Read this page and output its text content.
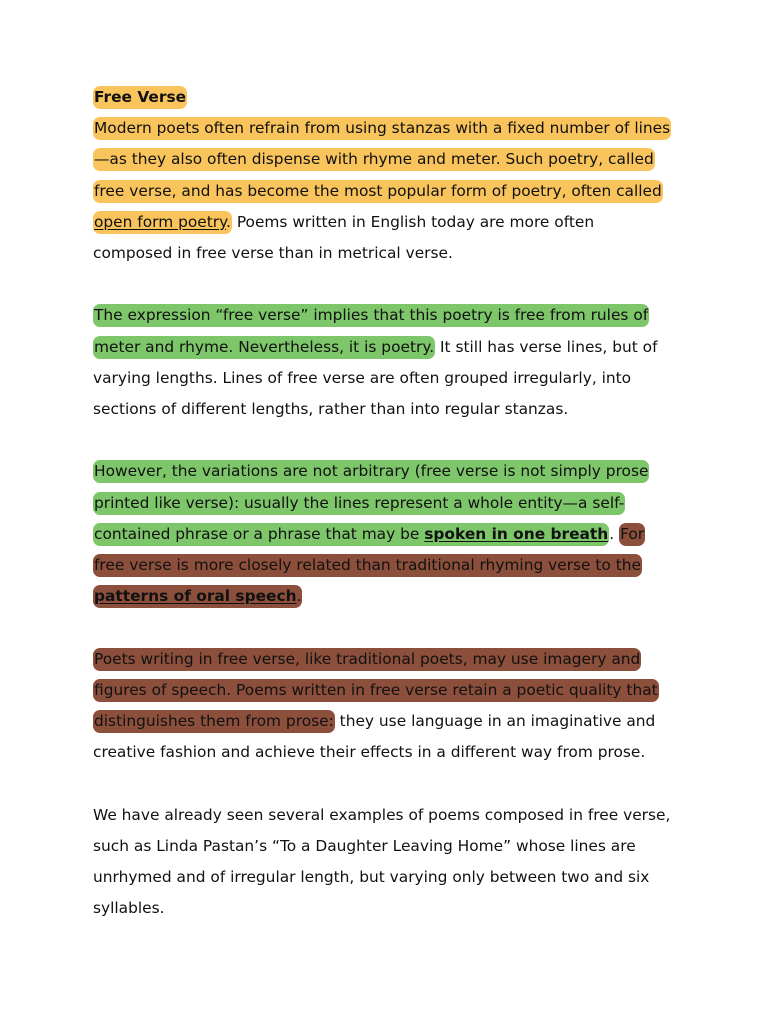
Free Verse

Modern poets often refrain from using stanzas with a fixed number of lines—as they also often dispense with rhyme and meter. Such poetry, called free verse, and has become the most popular form of poetry, often called open form poetry. Poems written in English today are more often composed in free verse than in metrical verse.

The expression “free verse” implies that this poetry is free from rules of meter and rhyme. Nevertheless, it is poetry. It still has verse lines, but of varying lengths. Lines of free verse are often grouped irregularly, into sections of different lengths, rather than into regular stanzas.

However, the variations are not arbitrary (free verse is not simply prose printed like verse): usually the lines represent a whole entity—a self-contained phrase or a phrase that may be spoken in one breath. For free verse is more closely related than traditional rhyming verse to the patterns of oral speech.

Poets writing in free verse, like traditional poets, may use imagery and figures of speech. Poems written in free verse retain a poetic quality that distinguishes them from prose: they use language in an imaginative and creative fashion and achieve their effects in a different way from prose.

We have already seen several examples of poems composed in free verse, such as Linda Pastan’s “To a Daughter Leaving Home” whose lines are unrhymed and of irregular length, but varying only between two and six syllables.
